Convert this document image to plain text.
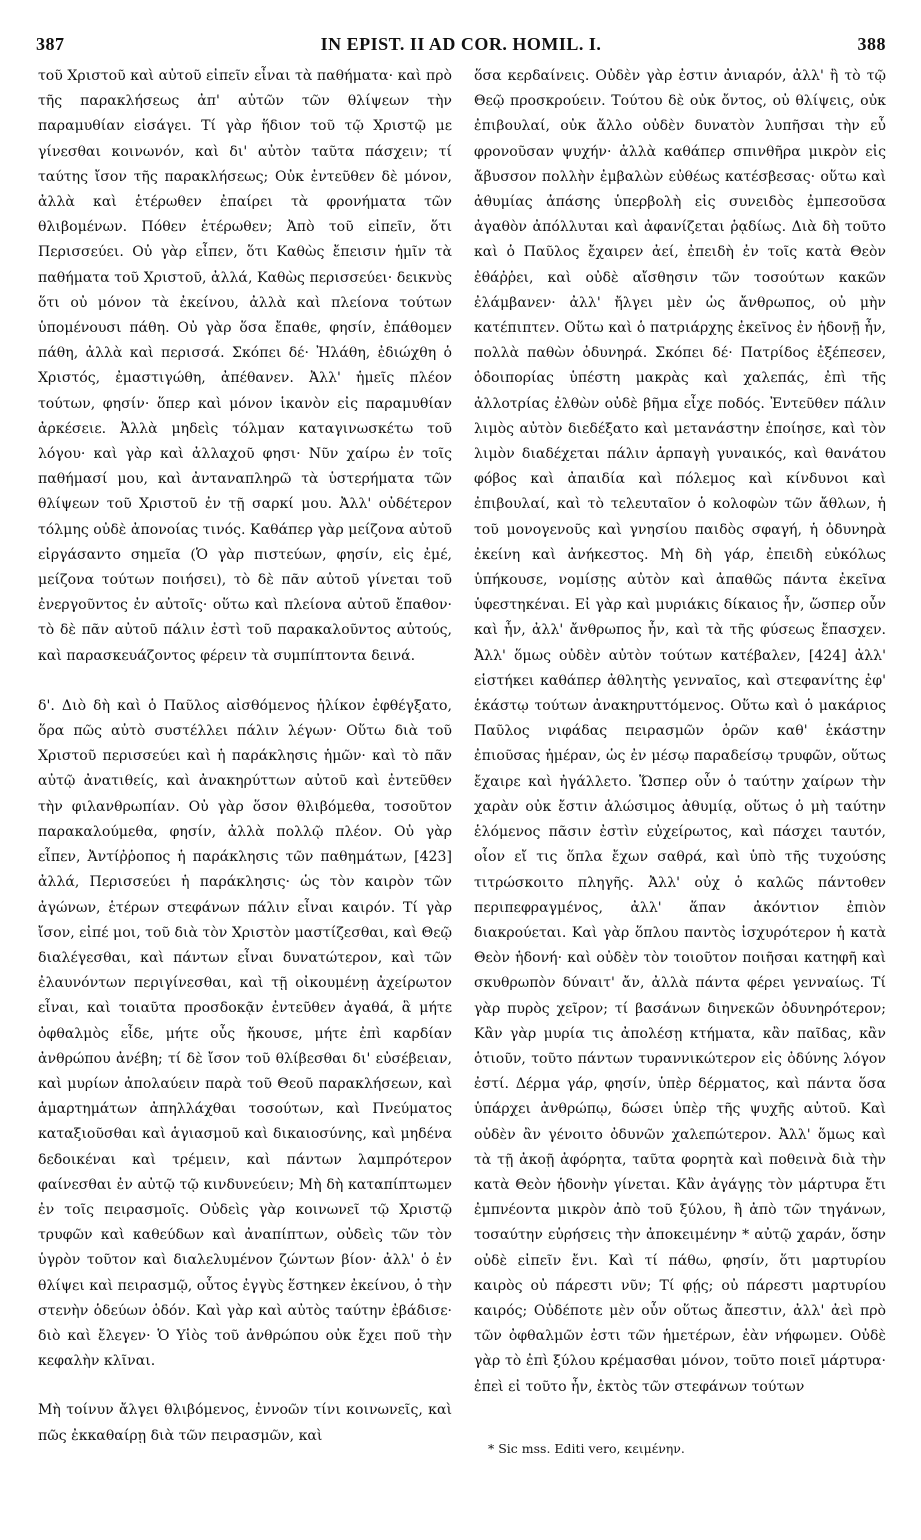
387	IN EPIST. II AD COR. HOMIL. I.	388

τοῦ Χριστοῦ καὶ αὐτοῦ εἰπεῖν εἶναι τὰ παθήματα· καὶ πρὸ τῆς παρακλήσεως ἀπ' αὐτῶν τῶν θλίψεων τὴν παραμυθίαν εἰσάγει. Τί γὰρ ἥδιον τοῦ τῷ Χριστῷ με γίνεσθαι κοινωνόν, καὶ δι' αὐτὸν ταῦτα πάσχειν; τί ταύτης ἴσον τῆς παρακλήσεως; Οὐκ ἐντεῦθεν δὲ μόνον, ἀλλὰ καὶ ἑτέρωθεν ἐπαίρει τὰ φρονήματα τῶν θλιβομένων. Πόθεν ἑτέρωθεν; Ἀπὸ τοῦ εἰπεῖν, ὅτι Περισσεύει. Οὐ γὰρ εἶπεν, ὅτι Καθὼς ἔπεισιν ἡμῖν τὰ παθήματα τοῦ Χριστοῦ, ἀλλά, Καθὼς περισσεύει· δεικνὺς ὅτι οὐ μόνον τὰ ἐκείνου, ἀλλὰ καὶ πλείονα τούτων ὑπομένουσι πάθη. Οὐ γὰρ ὅσα ἔπαθε, φησίν, ἐπάθομεν πάθη, ἀλλὰ καὶ περισσά. Σκόπει δέ· Ἠλάθη, ἐδιώχθη ὁ Χριστός, ἐμαστιγώθη, ἀπέθανεν. Ἀλλ' ἡμεῖς πλέον τούτων, φησίν· ὅπερ καὶ μόνον ἱκανὸν εἰς παραμυθίαν ἀρκέσειε. Ἀλλὰ μηδεὶς τόλμαν καταγινωσκέτω τοῦ λόγου· καὶ γὰρ καὶ ἀλλαχοῦ φησι· Νῦν χαίρω ἐν τοῖς παθήμασί μου, καὶ ἀνταναπληρῶ τὰ ὑστερήματα τῶν θλίψεων τοῦ Χριστοῦ ἐν τῇ σαρκί μου. Ἀλλ' οὐδέτερον τόλμης οὐδὲ ἀπονοίας τινός. Καθάπερ γὰρ μείζονα αὐτοῦ εἰργάσαντο σημεῖα (Ὁ γὰρ πιστεύων, φησίν, εἰς ἐμέ, μείζονα τούτων ποιήσει), τὸ δὲ πᾶν αὐτοῦ γίνεται τοῦ ἐνεργοῦντος ἐν αὐτοῖς· οὕτω καὶ πλείονα αὐτοῦ ἔπαθον· τὸ δὲ πᾶν αὐτοῦ πάλιν ἐστὶ τοῦ παρακαλοῦντος αὐτούς, καὶ παρασκευάζοντος φέρειν τὰ συμπίπτοντα δεινά.

δ'. Διὸ δὴ καὶ ὁ Παῦλος αἰσθόμενος ἡλίκον ἐφθέγξατο, ὅρα πῶς αὐτὸ συστέλλει πάλιν λέγων· Οὕτω διὰ τοῦ Χριστοῦ περισσεύει καὶ ἡ παράκλησις ἡμῶν· καὶ τὸ πᾶν αὐτῷ ἀνατιθείς, καὶ ἀνακηρύττων αὐτοῦ καὶ ἐντεῦθεν τὴν φιλανθρωπίαν. Οὐ γὰρ ὅσον θλιβόμεθα, τοσοῦτον παρακαλούμεθα, φησίν, ἀλλὰ πολλῷ πλέον. Οὐ γὰρ εἶπεν, Ἀντίῤῥοπος ἡ παράκλησις τῶν παθημάτων, [423] ἀλλά, Περισσεύει ἡ παράκλησις· ὡς τὸν καιρὸν τῶν ἀγώνων, ἑτέρων στεφάνων πάλιν εἶναι καιρόν. Τί γὰρ ἴσον, εἰπέ μοι, τοῦ διὰ τὸν Χριστὸν μαστίζεσθαι, καὶ Θεῷ διαλέγεσθαι, καὶ πάντων εἶναι δυνατώτερον, καὶ τῶν ἐλαυνόντων περιγίνεσθαι, καὶ τῇ οἰκουμένῃ ἀχείρωτον εἶναι, καὶ τοιαῦτα προσδοκᾷν ἐντεῦθεν ἀγαθά, ἃ μήτε ὀφθαλμὸς εἶδε, μήτε οὖς ἤκουσε, μήτε ἐπὶ καρδίαν ἀνθρώπου ἀνέβη; τί δὲ ἴσον τοῦ θλίβεσθαι δι' εὐσέβειαν, καὶ μυρίων ἀπολαύειν παρὰ τοῦ Θεοῦ παρακλήσεων, καὶ ἁμαρτημάτων ἀπηλλάχθαι τοσούτων, καὶ Πνεύματος καταξιοῦσθαι καὶ ἁγιασμοῦ καὶ δικαιοσύνης, καὶ μηδένα δεδοικέναι καὶ τρέμειν, καὶ πάντων λαμπρότερον φαίνεσθαι ἐν αὐτῷ τῷ κινδυνεύειν; Μὴ δὴ καταπίπτωμεν ἐν τοῖς πειρασμοῖς. Οὐδεὶς γὰρ κοινωνεῖ τῷ Χριστῷ τρυφῶν καὶ καθεύδων καὶ ἀναπίπτων, οὐδεὶς τῶν τὸν ὑγρὸν τοῦτον καὶ διαλελυμένον ζώντων βίον· ἀλλ' ὁ ἐν θλίψει καὶ πειρασμῷ, οὗτος ἐγγὺς ἕστηκεν ἐκείνου, ὁ τὴν στενὴν ὁδεύων ὁδόν. Καὶ γὰρ καὶ αὐτὸς ταύτην ἐβάδισε· διὸ καὶ ἔλεγεν· Ὁ Υἱὸς τοῦ ἀνθρώπου οὐκ ἔχει ποῦ τὴν κεφαλὴν κλῖναι.

Μὴ τοίνυν ἄλγει θλιβόμενος, ἐννοῶν τίνι κοινωνεῖς, καὶ πῶς ἐκκαθαίρῃ διὰ τῶν πειρασμῶν, καὶ

ὅσα κερδαίνεις. Οὐδὲν γὰρ ἐστιν ἀνιαρόν, ἀλλ' ἢ τὸ τῷ Θεῷ προσκρούειν. Τούτου δὲ οὐκ ὄντος, οὐ θλίψεις, οὐκ ἐπιβουλαί, οὐκ ἄλλο οὐδὲν δυνατὸν λυπῆσαι τὴν εὖ φρονοῦσαν ψυχήν· ἀλλὰ καθάπερ σπινθῆρα μικρὸν εἰς ἄβυσσον πολλὴν ἐμβαλὼν εὐθέως κατέσβεσας· οὕτω καὶ ἀθυμίας ἁπάσης ὑπερβολὴ εἰς συνειδὸς ἐμπεσοῦσα ἀγαθὸν ἀπόλλυται καὶ ἀφανίζεται ῥᾳδίως. Διὰ δὴ τοῦτο καὶ ὁ Παῦλος ἔχαιρεν ἀεί, ἐπειδὴ ἐν τοῖς κατὰ Θεὸν ἐθάῤῥει, καὶ οὐδὲ αἴσθησιν τῶν τοσούτων κακῶν ἐλάμβανεν· ἀλλ' ἤλγει μὲν ὡς ἄνθρωπος, οὐ μὴν κατέπιπτεν. Οὕτω καὶ ὁ πατριάρχης ἐκεῖνος ἐν ἡδονῇ ἦν, πολλὰ παθὼν ὀδυνηρά. Σκόπει δέ· Πατρίδος ἐξέπεσεν, ὁδοιπορίας ὑπέστη μακρὰς καὶ χαλεπάς, ἐπὶ τῆς ἀλλοτρίας ἐλθὼν οὐδὲ βῆμα εἶχε ποδός. Ἐντεῦθεν πάλιν λιμὸς αὐτὸν διεδέξατο καὶ μετανάστην ἐποίησε, καὶ τὸν λιμὸν διαδέχεται πάλιν ἁρπαγὴ γυναικός, καὶ θανάτου φόβος καὶ ἀπαιδία καὶ πόλεμος καὶ κίνδυνοι καὶ ἐπιβουλαί, καὶ τὸ τελευταῖον ὁ κολοφὼν τῶν ἄθλων, ἡ τοῦ μονογενοῦς καὶ γνησίου παιδὸς σφαγή, ἡ ὀδυνηρὰ ἐκείνη καὶ ἀνήκεστος. Μὴ δὴ γάρ, ἐπειδὴ εὐκόλως ὑπήκουσε, νομίσῃς αὐτὸν καὶ ἀπαθῶς πάντα ἐκεῖνα ὑφεστηκέναι. Εἰ γὰρ καὶ μυριάκις δίκαιος ἦν, ὥσπερ οὖν καὶ ἦν, ἀλλ' ἄνθρωπος ἦν, καὶ τὰ τῆς φύσεως ἔπασχεν. Ἀλλ' ὅμως οὐδὲν αὐτὸν τούτων κατέβαλεν, [424] ἀλλ' εἱστήκει καθάπερ ἀθλητὴς γενναῖος, καὶ στεφανίτης ἐφ' ἑκάστῳ τούτων ἀνακηρυττόμενος. Οὕτω καὶ ὁ μακάριος Παῦλος νιφάδας πειρασμῶν ὁρῶν καθ' ἑκάστην ἐπιοῦσας ἡμέραν, ὡς ἐν μέσῳ παραδείσῳ τρυφῶν, οὕτως ἔχαιρε καὶ ἠγάλλετο. Ὥσπερ οὖν ὁ ταύτην χαίρων τὴν χαρὰν οὐκ ἔστιν ἁλώσιμος ἀθυμίᾳ, οὕτως ὁ μὴ ταύτην ἑλόμενος πᾶσιν ἐστὶν εὐχείρωτος, καὶ πάσχει ταυτόν, οἷον εἴ τις ὅπλα ἔχων σαθρά, καὶ ὑπὸ τῆς τυχούσης τιτρώσκοιτο πληγῆς. Ἀλλ' οὐχ ὁ καλῶς πάντοθεν περιπεφραγμένος, ἀλλ' ἅπαν ἀκόντιον ἐπιὸν διακρούεται. Καὶ γὰρ ὅπλου παντὸς ἰσχυρότερον ἡ κατὰ Θεὸν ἡδονή· καὶ οὐδὲν τὸν τοιοῦτον ποιῆσαι κατηφῆ καὶ σκυθρωπὸν δύναιτ' ἄν, ἀλλὰ πάντα φέρει γενναίως. Τί γὰρ πυρὸς χεῖρον; τί βασάνων διηνεκῶν ὀδυνηρότερον; Κἂν γὰρ μυρία τις ἀπολέσῃ κτήματα, κἂν παῖδας, κἂν ὁτιοῦν, τοῦτο πάντων τυραννικώτερον εἰς ὀδύνης λόγον ἐστί. Δέρμα γάρ, φησίν, ὑπὲρ δέρματος, καὶ πάντα ὅσα ὑπάρχει ἀνθρώπῳ, δώσει ὑπὲρ τῆς ψυχῆς αὐτοῦ. Καὶ οὐδὲν ἂν γένοιτο ὀδυνῶν χαλεπώτερον. Ἀλλ' ὅμως καὶ τὰ τῇ ἀκοῇ ἀφόρητα, ταῦτα φορητὰ καὶ ποθεινὰ διὰ τὴν κατὰ Θεὸν ἡδονὴν γίνεται. Κἂν ἀγάγῃς τὸν μάρτυρα ἔτι ἐμπνέοντα μικρὸν ἀπὸ τοῦ ξύλου, ἢ ἀπὸ τῶν τηγάνων, τοσαύτην εὑρήσεις τὴν ἀποκειμένην * αὐτῷ χαράν, ὅσην οὐδὲ εἰπεῖν ἔνι. Καὶ τί πάθω, φησίν, ὅτι μαρτυρίου καιρὸς οὐ πάρεστι νῦν; Τί φῄς; οὐ πάρεστι μαρτυρίου καιρός; Οὐδέποτε μὲν οὖν οὕτως ἄπεστιν, ἀλλ' ἀεὶ πρὸ τῶν ὀφθαλμῶν ἐστι τῶν ἡμετέρων, ἐὰν νήφωμεν. Οὐδὲ γὰρ τὸ ἐπὶ ξύλου κρέμασθαι μόνον, τοῦτο ποιεῖ μάρτυρα· ἐπεὶ εἰ τοῦτο ἦν, ἐκτὸς τῶν στεφάνων τούτων

* Sic mss. Editi vero, κειμένην.
